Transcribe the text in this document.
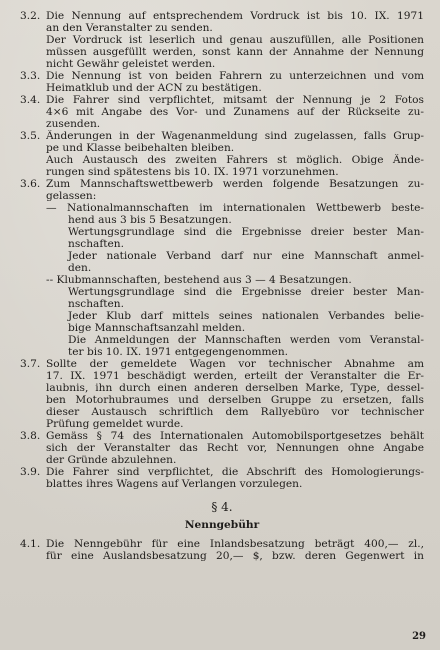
3.2. Die Nennung auf entsprechendem Vordruck ist bis 10. IX. 1971
an den Veranstalter zu senden.
Der Vordruck ist leserlich und genau auszufüllen, alle Positionen
müssen ausgefüllt werden, sonst kann der Annahme der Nennung
nicht Gewähr geleistet werden.
3.3. Die Nennung ist von beiden Fahrern zu unterzeichnen und vom
Heimatklub und der ACN zu bestätigen.
3.4. Die Fahrer sind verpflichtet, mitsamt der Nennung je 2 Fotos
4×6 mit Angabe des Vor- und Zunamens auf der Rückseite zu-
zusenden.
3.5. Änderungen in der Wagenanmeldung sind zugelassen, falls Grup-
pe und Klasse beibehalten bleiben.
Auch Austausch des zweiten Fahrers st möglich. Obige Ände-
rungen sind spätestens bis 10. IX. 1971 vorzunehmen.
3.6. Zum Mannschaftswettbewerb werden folgende Besatzungen zu-
gelassen:
— Nationalmannschaften im internationalen Wettbewerb beste-
hend aus 3 bis 5 Besatzungen.
Wertungsgrundlage sind die Ergebnisse dreier bester Man-
nschaften.
Jeder nationale Verband darf nur eine Mannschaft anmel-
den.
-- Klubmannschaften, bestehend aus 3 — 4 Besatzungen.
Wertungsgrundlage sind die Ergebnisse dreier bester Man-
nschaften.
Jeder Klub darf mittels seines nationalen Verbandes belie-
bige Mannschaftsanzahl melden.
Die Anmeldungen der Mannschaften werden vom Veranstal-
ter bis 10. IX. 1971 entgegengenommen.
3.7. Sollte der gemeldete Wagen vor technischer Abnahme am
17. IX. 1971 beschädigt werden, erteilt der Veranstalter die Er-
laubnis, ihn durch einen anderen derselben Marke, Type, dessel-
ben Motorhubraumes und derselben Gruppe zu ersetzen, falls
dieser Austausch schriftlich dem Rallyebüro vor technischer
Prüfung gemeldet wurde.
3.8. Gemäss § 74 des Internationalen Automobilsportgesetzes behält
sich der Veranstalter das Recht vor, Nennungen ohne Angabe
der Gründe abzulehnen.
3.9. Die Fahrer sind verpflichtet, die Abschrift des Homologierungs-
blattes ihres Wagens auf Verlangen vorzulegen.
§ 4.
Nenngebühr
4.1. Die Nenngebühr für eine Inlandsbesatzung beträgt 400,— zl.,
für eine Auslandsbesatzung 20,— $, bzw. deren Gegenwert in
29
